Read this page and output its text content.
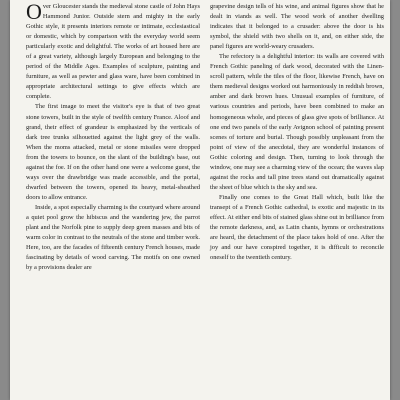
Over Gloucester stands the medieval stone castle of John Hays Hammond Junior. Outside stern and mighty in the early Gothic style, it presents interiors remote or intimate, ecclesiastical or domestic, which by comparison with the everyday world seem particularly exotic and delightful. The works of art housed here are of a great variety, although largely European and belonging to the period of the Middle Ages. Examples of sculpture, painting and furniture, as well as pewter and glass ware, have been combined in appropriate architectural settings to give effects which are complete.

The first image to meet the visitor's eye is that of two great stone towers, built in the style of twelfth century France. Aloof and grand, their effect of grandeur is emphasized by the verticals of dark tree trunks silhouetted against the light grey of the walls. When the moms attacked, metal or stone missiles were dropped from the towers to bounce, on the slant of the building's base, out against the foe. If on the other hand one were a welcome guest, the ways over the drawbridge was made accessible, and the portal, dwarfed between the towers, opened its heavy, metal-sheathed doors to allow entrance.

Inside, a spot especially charming is the courtyard where around a quiet pool grow the hibiscus and the wandering jew, the parrot plant and the Norfolk pine to supply deep green masses and bits of warm color in contrast to the neutrals of the stone and timber work. Here, too, are the facades of fifteenth century French houses, made fascinating by details of wood carving. The motifs on one owned by a provisions dealer are

grapevine design tells of his wine, and animal figures show that he dealt in viands as well. The wood work of another dwelling indicates that it belonged to a crusader: above the door is his symbol, the shield with two shells on it, and, on either side, the panel figures are world-weary crusaders.

The refectory is a delightful interior: its walls are covered with French Gothic paneling of dark wood, decorated with the Linen-scroll pattern, while the tiles of the floor, likewise French, have on them medieval designs worked out harmoniously in reddish brown, amber and dark brown hues. Unusual examples of furniture, of various countries and periods, have been combined to make an homogeneous whole, and pieces of glass give spots of brilliance. At one end two panels of the early Avignon school of painting present scenes of torture and burial. Though possibly unpleasant from the point of view of the anecdotal, they are wonderful instances of Gothic coloring and design. Then, turning to look through the window, one may see a charming view of the ocean; the waves slap against the rocks and tall pine trees stand out dramatically against the sheet of blue which is the sky and sea.

Finally one comes to the Great Hall which, built like the transept of a French Gothic cathedral, is exotic and majestic in its effect. At either end bits of stained glass shine out in brilliance from the remote darkness, and, as Latin chants, hymns or orchestrations are heard, the detachment of the place takes hold of one. After the joy and our have conspired together, it is difficult to reconcile oneself to the twentieth century.
